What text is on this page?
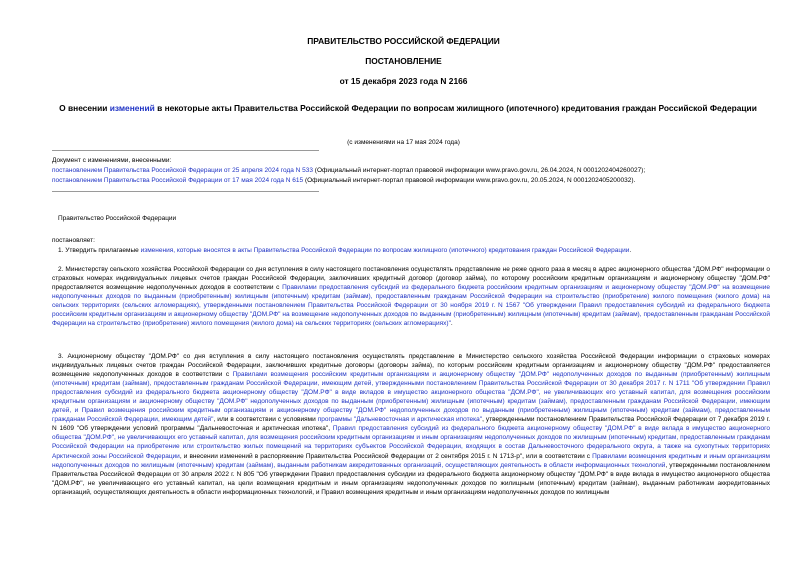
ПРАВИТЕЛЬСТВО РОССИЙСКОЙ ФЕДЕРАЦИИ
ПОСТАНОВЛЕНИЕ
от 15 декабря 2023 года N 2166
О внесении изменений в некоторые акты Правительства Российской Федерации по вопросам жилищного (ипотечного) кредитования граждан Российской Федерации
(с изменениями на 17 мая 2024 года)
Документ с изменениями, внесенными:
постановлением Правительства Российской Федерации от 25 апреля 2024 года N 533 (Официальный интернет-портал правовой информации www.pravo.gov.ru, 26.04.2024, N 0001202404260027);
постановлением Правительства Российской Федерации от 17 мая 2024 года N 615 (Официальный интернет-портал правовой информации www.pravo.gov.ru, 20.05.2024, N 0001202405200032).
Правительство Российской Федерации
постановляет:
1. Утвердить прилагаемые изменения, которые вносятся в акты Правительства Российской Федерации по вопросам жилищного (ипотечного) кредитования граждан Российской Федерации.
2. Министерству сельского хозяйства Российской Федерации со дня вступления в силу настоящего постановления осуществлять представление не реже одного раза в месяц в адрес акционерного общества "ДОМ.РФ" информации о страховых номерах индивидуальных лицевых счетов граждан Российской Федерации, заключивших кредитный договор (договор займа), по которому российским кредитным организациям и акционерному обществу "ДОМ.РФ" предоставляется возмещение недополученных доходов в соответствии с Правилами предоставления субсидий из федерального бюджета российским кредитным организациям и акционерному обществу "ДОМ.РФ" на возмещение недополученных доходов по выданным (приобретенным) жилищным (ипотечным) кредитам (займам), предоставленным гражданам Российской Федерации на строительство (приобретение) жилого помещения (жилого дома) на сельских территориях (сельских агломерациях), утвержденными постановлением Правительства Российской Федерации от 30 ноября 2019 г. N 1567 "Об утверждении Правил предоставления субсидий из федерального бюджета российским кредитным организациям и акционерному обществу "ДОМ.РФ" на возмещение недополученных доходов по выданным (приобретенным) жилищным (ипотечным) кредитам (займам), предоставленным гражданам Российской Федерации на строительство (приобретение) жилого помещения (жилого дома) на сельских территориях (сельских агломерациях)".
3. Акционерному обществу "ДОМ.РФ" со дня вступления в силу настоящего постановления осуществлять представление в Министерство сельского хозяйства Российской Федерации информации о страховых номерах индивидуальных лицевых счетов граждан Российской Федерации, заключивших кредитные договоры (договоры займа), по которым российским кредитным организациям и акционерному обществу "ДОМ.РФ" предоставляется возмещение недополученных доходов в соответствии с Правилами возмещения российским кредитным организациям и акционерному обществу "ДОМ.РФ" недополученных доходов по выданным (приобретенным) жилищным (ипотечным) кредитам (займам), предоставленным гражданам Российской Федерации, имеющим детей, утвержденными постановлением Правительства Российской Федерации от 30 декабря 2017 г. N 1711 "Об утверждении Правил предоставления субсидий из федерального бюджета акционерному обществу "ДОМ.РФ" в виде вкладов в имущество акционерного общества "ДОМ.РФ", не увеличивающих его уставный капитал, для возмещения российским кредитным организациям и акционерному обществу "ДОМ.РФ" недополученных доходов по выданным (приобретенным) жилищным (ипотечным) кредитам (займам), предоставленным гражданам Российской Федерации, имеющим детей, и Правил возмещения российским кредитным организациям и акционерному обществу "ДОМ.РФ" недополученных доходов по выданным (приобретенным) жилищным (ипотечным) кредитам (займам), предоставленным гражданам Российской Федерации, имеющим детей", или в соответствии с условиями программы "Дальневосточная и арктическая ипотека", утвержденными постановлением Правительства Российской Федерации от 7 декабря 2019 г. N 1609 "Об утверждении условий программы "Дальневосточная и арктическая ипотека", Правил предоставления субсидий из федерального бюджета акционерному обществу "ДОМ.РФ" в виде вклада в имущество акционерного общества "ДОМ.РФ", не увеличивающих его уставный капитал, для возмещения российским кредитным организациям и иным организациям недополученных доходов по жилищным (ипотечным) кредитам, предоставленным гражданам Российской Федерации на приобретение или строительство жилых помещений на территориях субъектов Российской Федерации, входящих в состав Дальневосточного федерального округа, а также на сухопутных территориях Арктической зоны Российской Федерации, и внесении изменений в распоряжение Правительства Российской Федерации от 2 сентября 2015 г. N 1713-р", или в соответствии с Правилами возмещения кредитным и иным организациям недополученных доходов по жилищным (ипотечным) кредитам (займам), выданным работникам аккредитованных организаций, осуществляющих деятельность в области информационных технологий, утвержденными постановлением Правительства Российской Федерации от 30 апреля 2022 г. N 805 "Об утверждении Правил предоставления субсидии из федерального бюджета акционерному обществу "ДОМ.РФ" в виде вклада в имущество акционерного общества "ДОМ.РФ", не увеличивающего его уставный капитал, на цели возмещения кредитным и иным организациям недополученных доходов по жилищным (ипотечным) кредитам (займам), выданным работникам аккредитованных организаций, осуществляющих деятельность в области информационных технологий, и Правил возмещения кредитным и иным организациям недополученных доходов по жилищным
